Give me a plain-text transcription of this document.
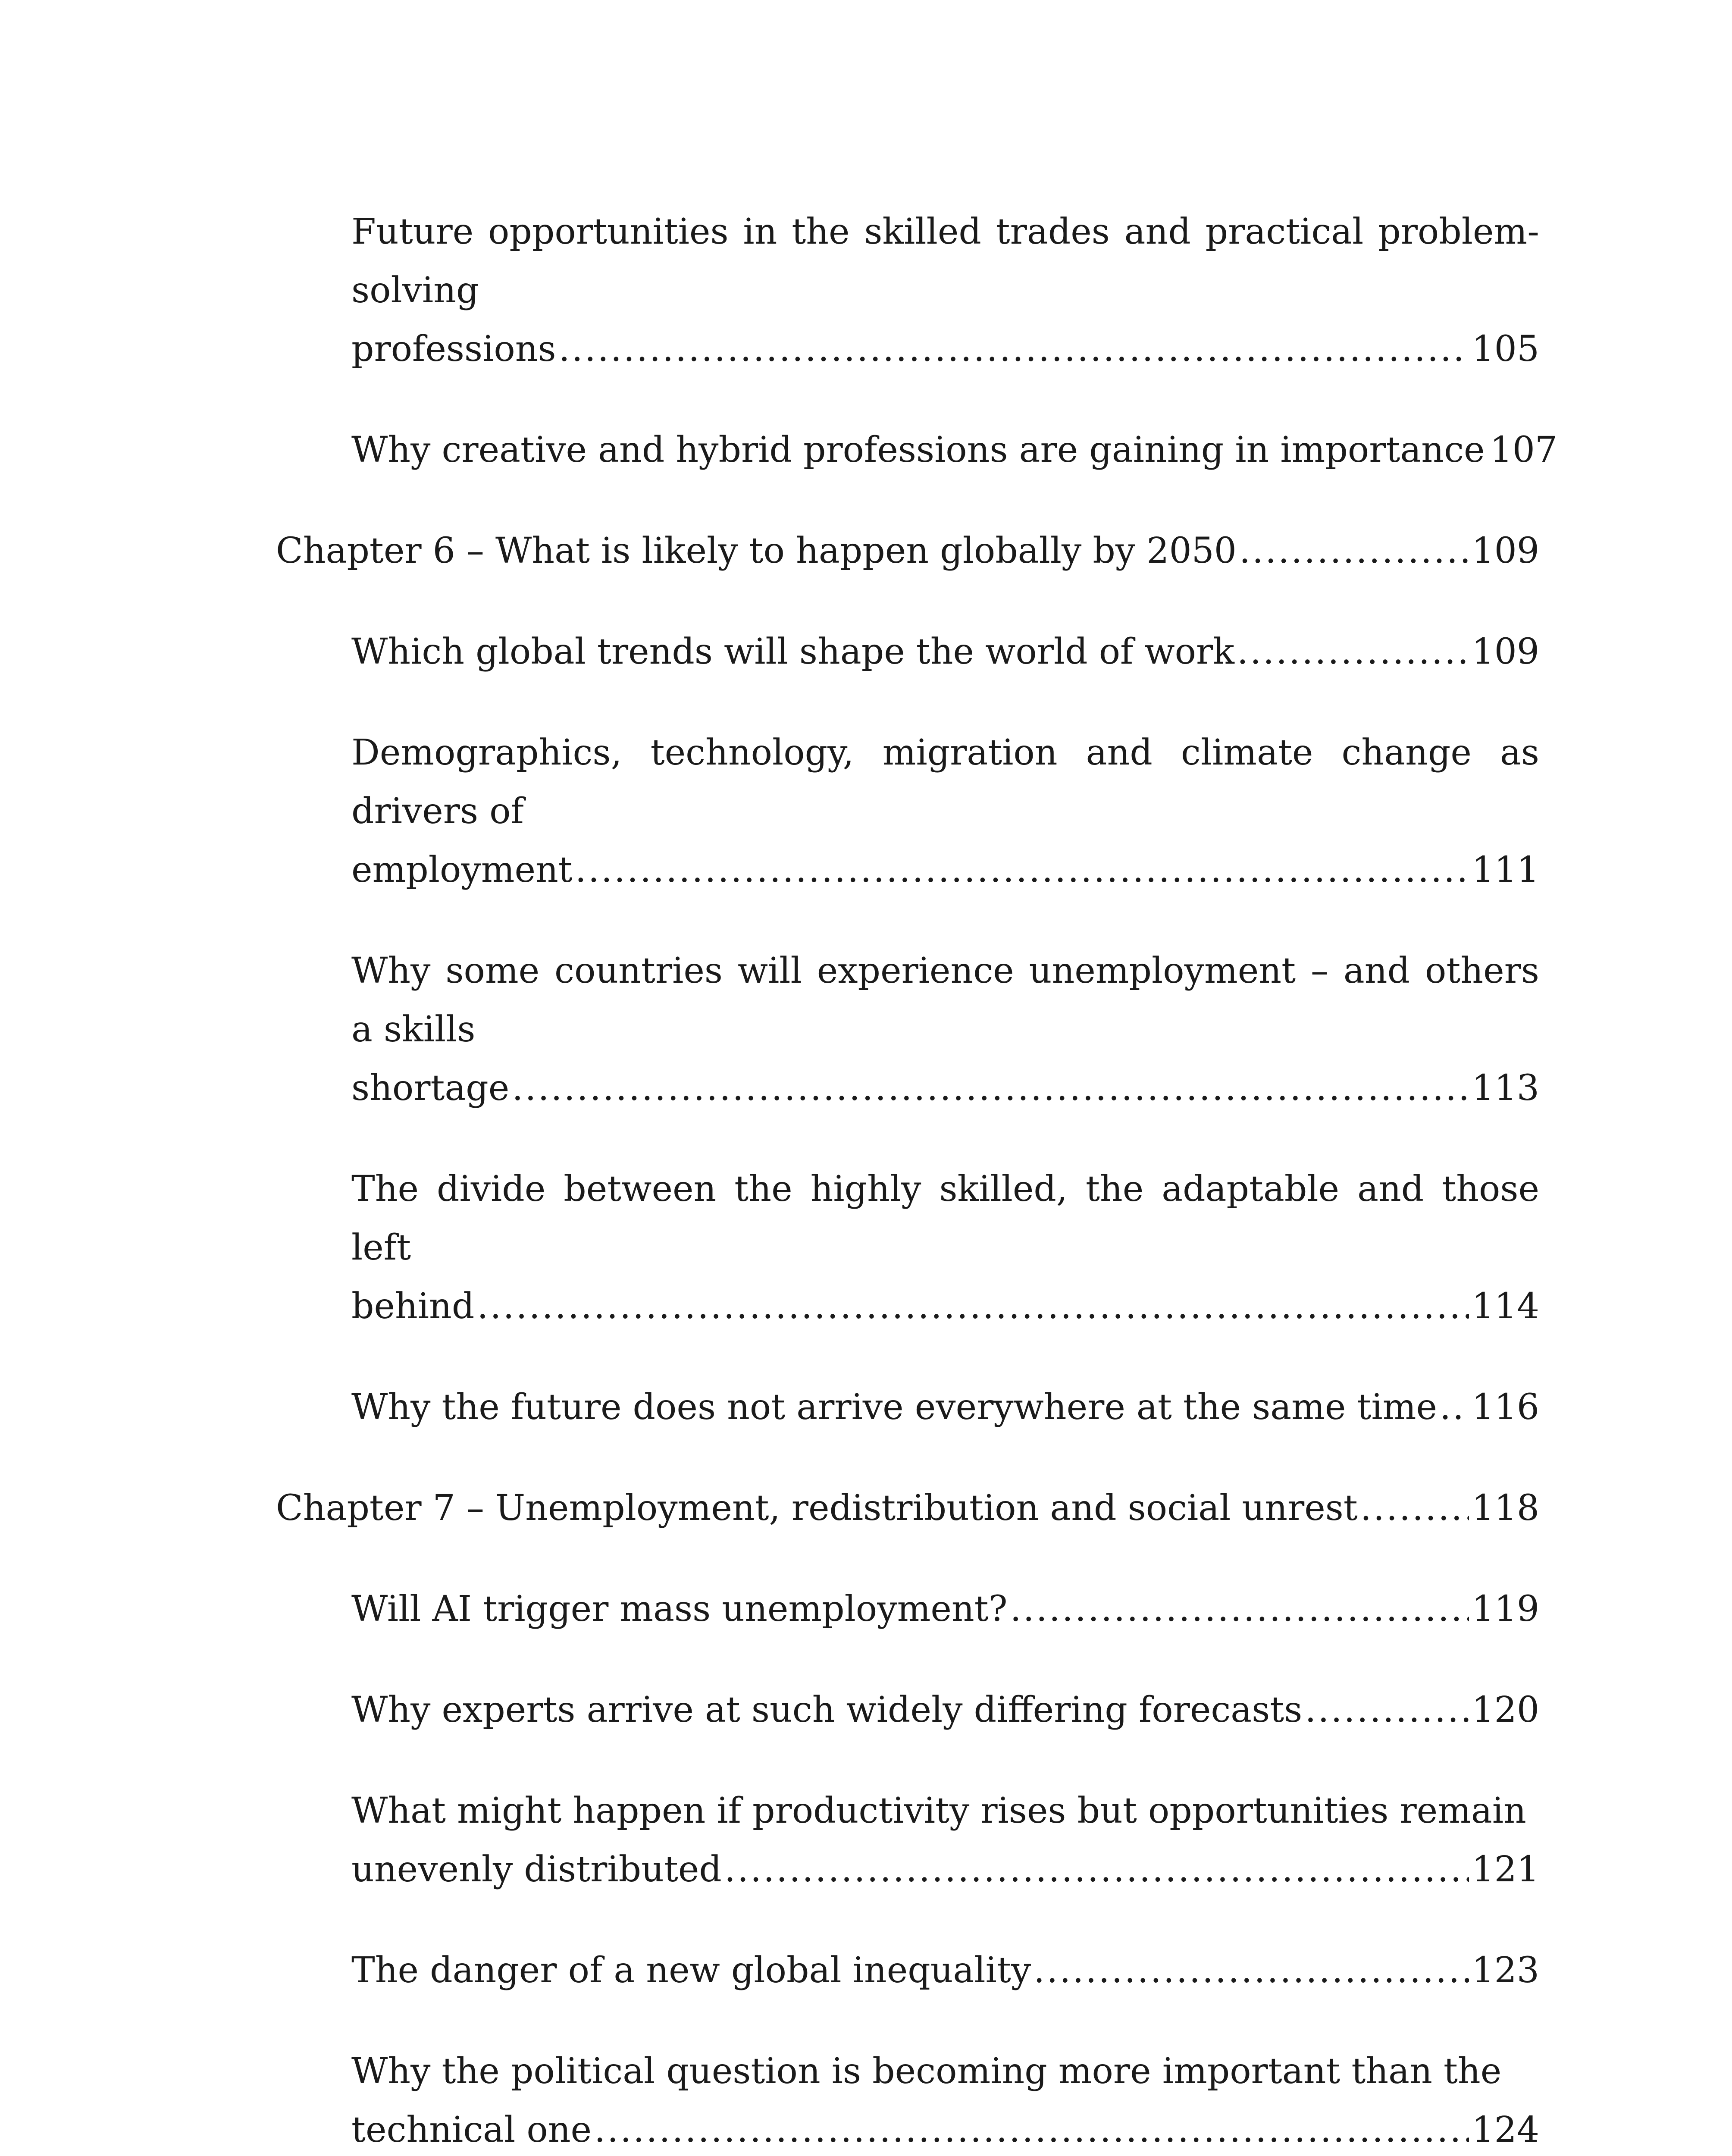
Future opportunities in the skilled trades and practical problem-solving
professions .....	105
Why creative and hybrid professions are gaining in importance 107
Chapter 6 – What is likely to happen globally by 2050 .....	109
Which global trends will shape the world of work .....	109
Demographics, technology, migration and climate change as drivers of
employment .....	111
Why some countries will experience unemployment – and others a skills
shortage .....	113
The divide between the highly skilled, the adaptable and those left
behind .....	114
Why the future does not arrive everywhere at the same time ..... 116
Chapter 7 – Unemployment, redistribution and social unrest .....	118
Will AI trigger mass unemployment? .....	119
Why experts arrive at such widely differing forecasts .....	120
What might happen if productivity rises but opportunities remain
unevenly distributed .....	121
The danger of a new global inequality .....	123
Why the political question is becoming more important than the
technical one .....	124
